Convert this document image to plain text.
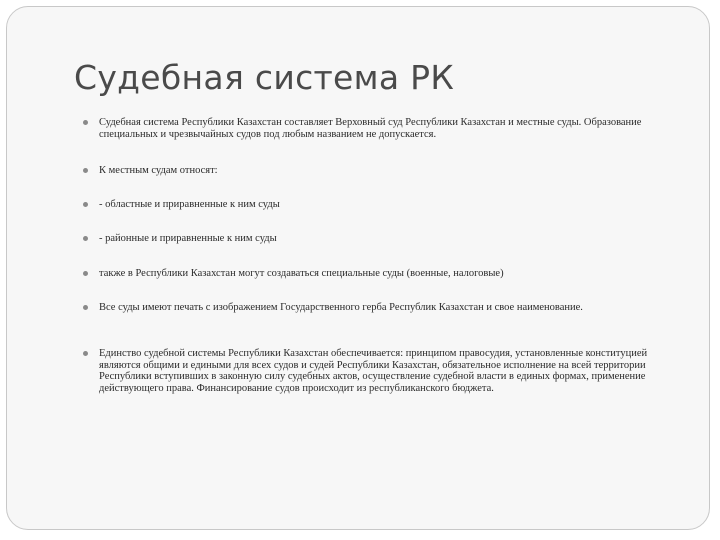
Судебная система РК
Судебная система Республики Казахстан составляет Верховный суд Республики Казахстан и местные суды. Образование специальных и чрезвычайных судов под любым названием не допускается.
К местным судам относят:
- областные и приравненные к ним суды
- районные и приравненные к ним суды
также в Республики Казахстан могут создаваться специальные суды (военные, налоговые)
Все суды имеют печать с изображением Государственного герба Республик Казахстан и свое наименование.
Единство судебной системы Республики Казахстан обеспечивается: принципом правосудия, установленные конституцией являются общими и едиными для всех судов и судей Республики Казахстан, обязательное исполнение на всей территории Республики вступивших в законную силу судебных актов, осуществление судебной власти в единых формах, применение действующего права. Финансирование судов происходит из республиканского бюджета.
